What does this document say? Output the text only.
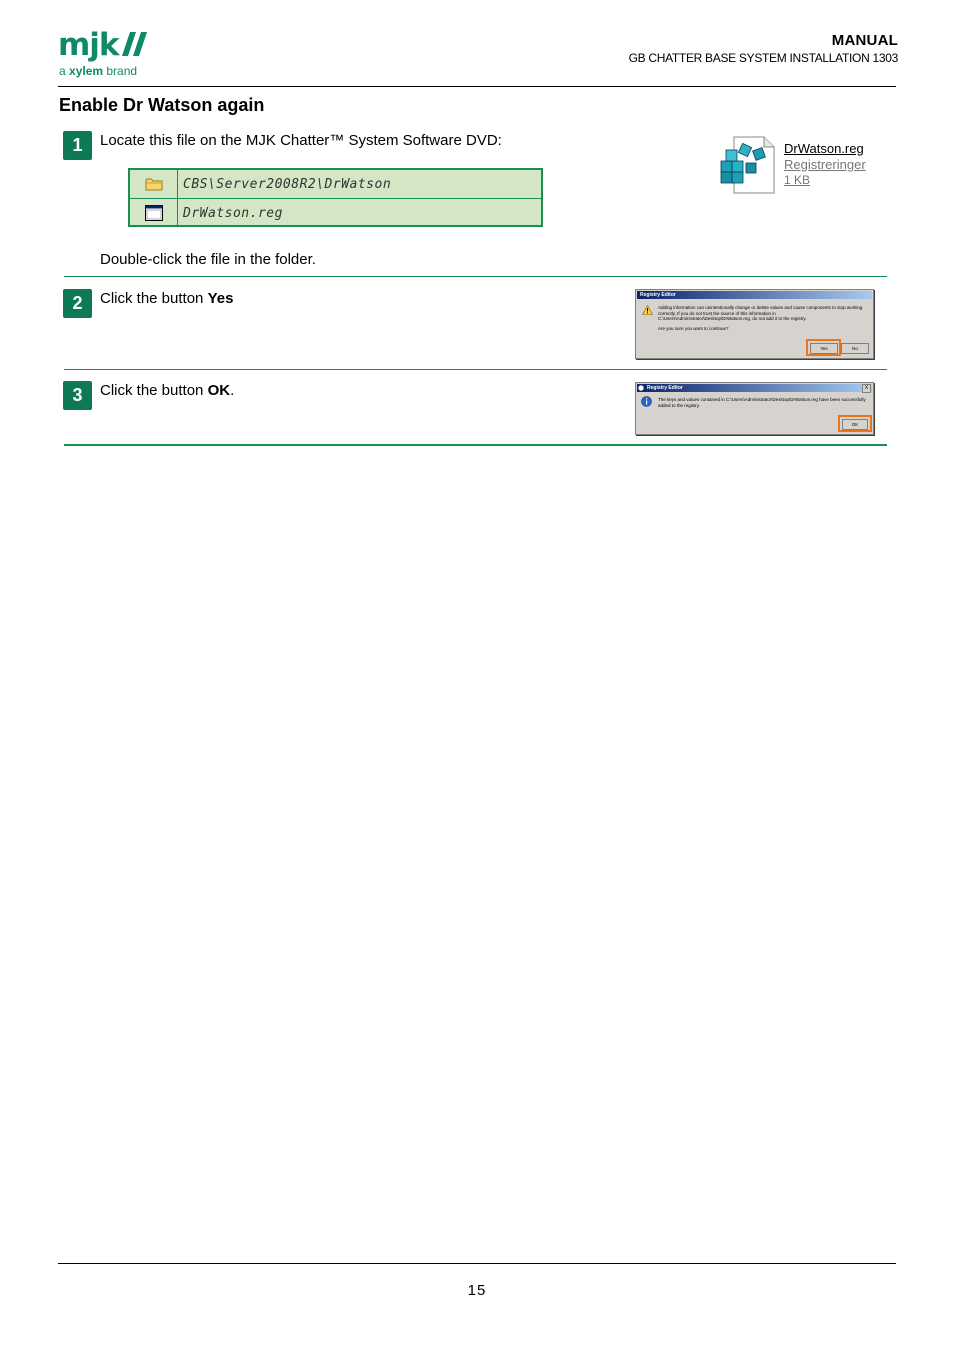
mjk
a xylem brand
MANUAL
GB CHATTER BASE SYSTEM INSTALLATION 1303
Enable Dr Watson again
1	Locate this file on the MJK Chatter™ System Software DVD:
CBS\Server2008R2\DrWatson
DrWatson.reg
DrWatson.reg
Registreringer
1 KB
Double-click the file in the folder.
2	Click the button Yes	Registry Editor
Adding information can unintentionally change or delete values and cause components to stop working correctly. If you do not trust the source of this information in C:\Users\Administrator\Desktop\DrWatson.reg, do not add it to the registry.
Are you sure you want to continue?
Yes	No
3	Click the button OK.	Registry Editor	X
The keys and values contained in C:\Users\Administrator\Desktop\DrWatson.reg have been successfully added to the registry.
OK
15
